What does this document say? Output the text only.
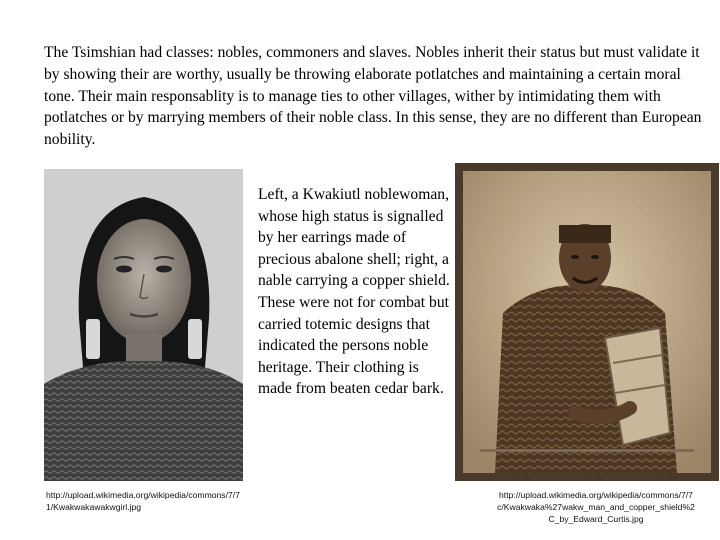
The Tsimshian had classes: nobles, commoners and slaves. Nobles inherit their status but must validate it by showing their are worthy, usually be throwing elaborate potlatches and maintaining a certain moral tone. Their main responsablity is to manage ties to other villages, wither by intimidating them with potlatches or by marrying members of their noble class. In this sense, they are no different than European nobility.

Left, a Kwakiutl noblewoman, whose high status is signalled by her earrings made of precious abalone shell; right, a nable carrying a copper shield. These were not for combat but carried totemic designs that indicated the persons noble heritage. Their clothing is made from beaten cedar bark.

http://upload.wikimedia.org/wikipedia/commons/7/71/Kwakwakawakwgirl.jpg

http://upload.wikimedia.org/wikipedia/commons/7/7c/Kwakwaka%27wakw_man_and_copper_shield%2C_by_Edward_Curtis.jpg
